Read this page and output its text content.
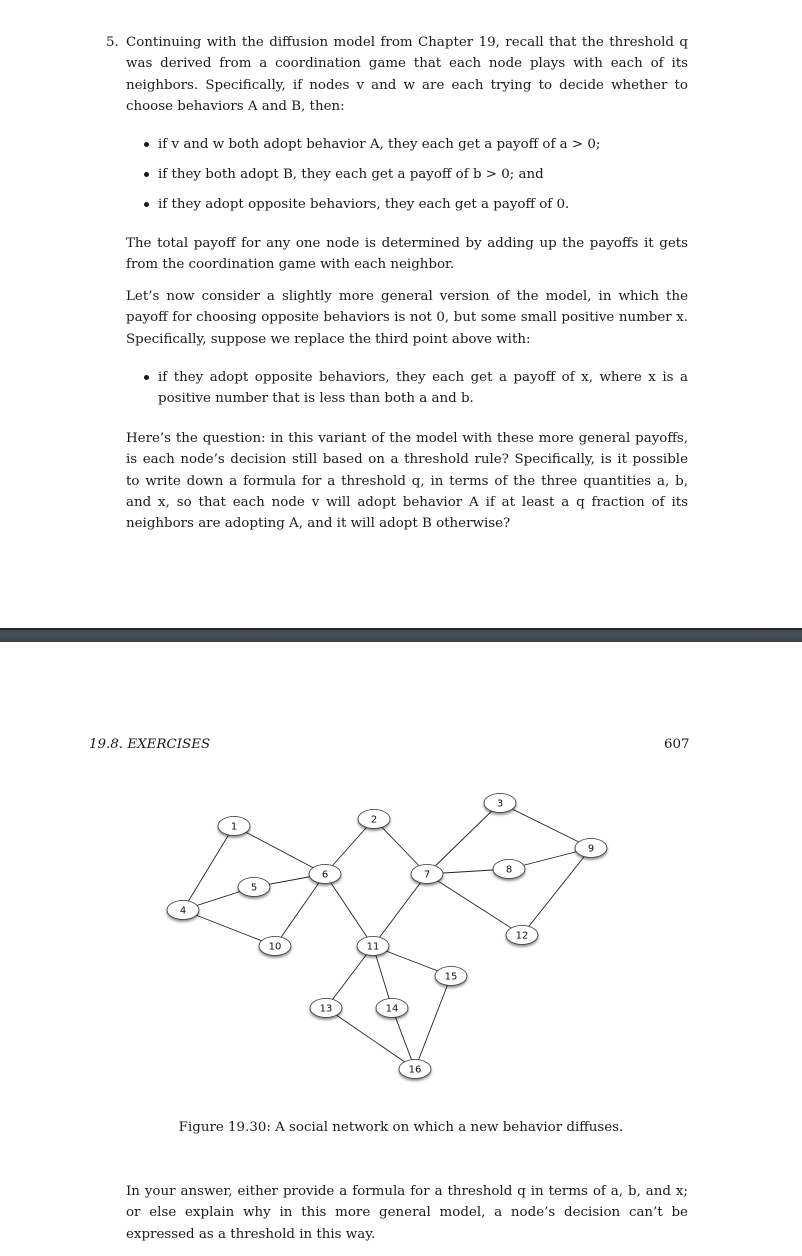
5. Continuing with the diffusion model from Chapter 19, recall that the threshold q was derived from a coordination game that each node plays with each of its neighbors. Specifically, if nodes v and w are each trying to decide whether to choose behaviors A and B, then:

if v and w both adopt behavior A, they each get a payoff of a > 0;
if they both adopt B, they each get a payoff of b > 0; and
if they adopt opposite behaviors, they each get a payoff of 0.

The total payoff for any one node is determined by adding up the payoffs it gets from the coordination game with each neighbor.

Let’s now consider a slightly more general version of the model, in which the payoff for choosing opposite behaviors is not 0, but some small positive number x. Specifically, suppose we replace the third point above with:

if they adopt opposite behaviors, they each get a payoff of x, where x is a positive number that is less than both a and b.

Here’s the question: in this variant of the model with these more general payoffs, is each node’s decision still based on a threshold rule? Specifically, is it possible to write down a formula for a threshold q, in terms of the three quantities a, b, and x, so that each node v will adopt behavior A if at least a q fraction of its neighbors are adopting A, and it will adopt B otherwise?

19.8. EXERCISES	607
1
2
3
4
5
6	7	8
9
10	11
12
13	14
15
16
Figure 19.30: A social network on which a new behavior diffuses.

In your answer, either provide a formula for a threshold q in terms of a, b, and x; or else explain why in this more general model, a node’s decision can’t be expressed as a threshold in this way.
